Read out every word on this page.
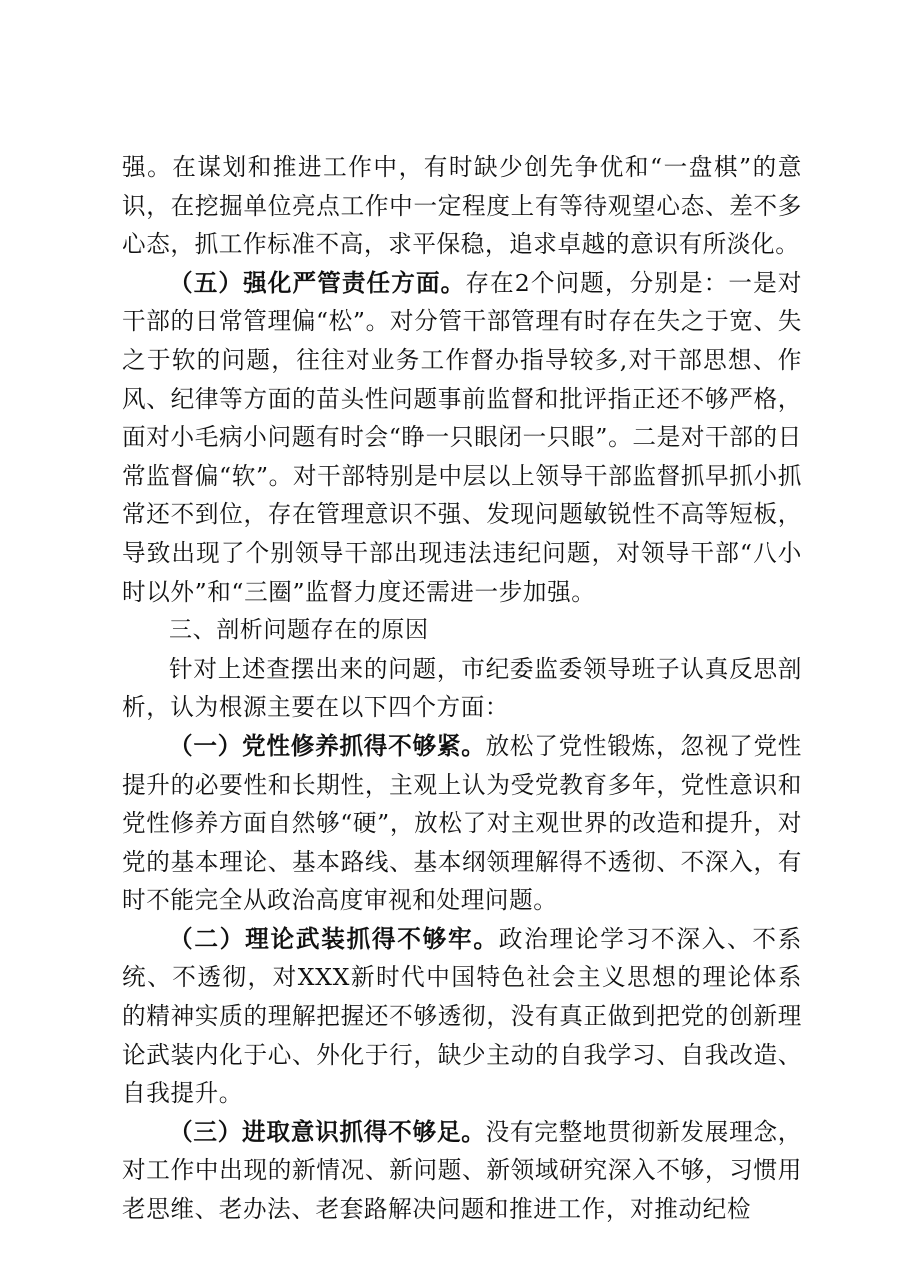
强。在谋划和推进工作中，有时缺少创先争优和“一盘棋”的意识，在挖掘单位亮点工作中一定程度上有等待观望心态、差不多心态，抓工作标准不高，求平保稳，追求卓越的意识有所淡化。

（五）强化严管责任方面。存在2个问题，分别是：一是对干部的日常管理偏“松”。对分管干部管理有时存在失之于宽、失之于软的问题，往往对业务工作督办指导较多,对干部思想、作风、纪律等方面的苗头性问题事前监督和批评指正还不够严格，面对小毛病小问题有时会“睁一只眼闭一只眼”。二是对干部的日常监督偏“软”。对干部特别是中层以上领导干部监督抓早抓小抓常还不到位，存在管理意识不强、发现问题敏锐性不高等短板，导致出现了个别领导干部出现违法违纪问题，对领导干部“八小时以外”和“三圈”监督力度还需进一步加强。

三、剖析问题存在的原因

针对上述查摆出来的问题，市纪委监委领导班子认真反思剖析，认为根源主要在以下四个方面：

（一）党性修养抓得不够紧。放松了党性锻炼，忽视了党性提升的必要性和长期性，主观上认为受党教育多年，党性意识和党性修养方面自然够“硬”，放松了对主观世界的改造和提升，对党的基本理论、基本路线、基本纲领理解得不透彻、不深入，有时不能完全从政治高度审视和处理问题。

（二）理论武装抓得不够牢。政治理论学习不深入、不系统、不透彻，对XXX新时代中国特色社会主义思想的理论体系的精神实质的理解把握还不够透彻，没有真正做到把党的创新理论武装内化于心、外化于行，缺少主动的自我学习、自我改造、自我提升。

（三）进取意识抓得不够足。没有完整地贯彻新发展理念，对工作中出现的新情况、新问题、新领域研究深入不够，习惯用老思维、老办法、老套路解决问题和推进工作，对推动纪检
